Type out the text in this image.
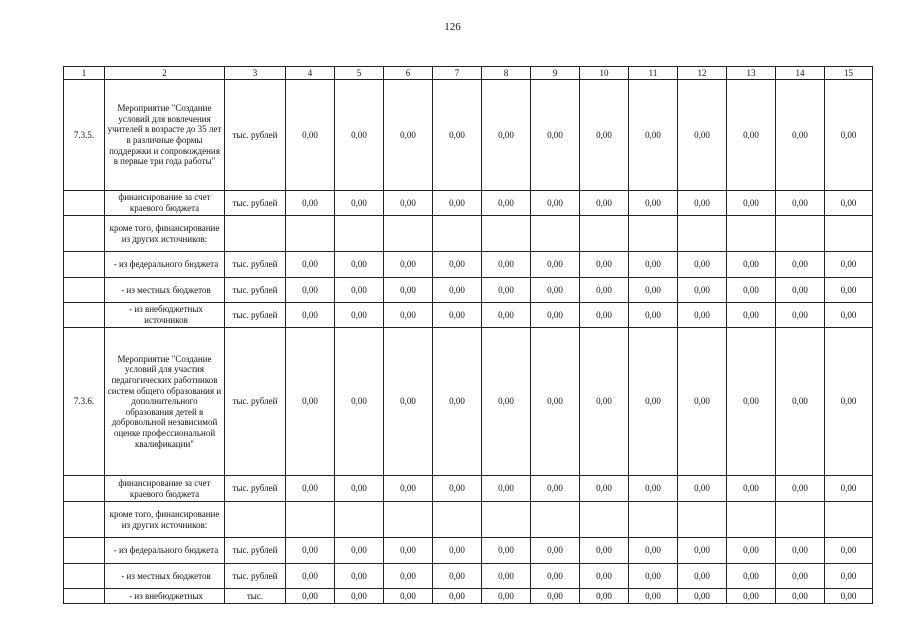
126
1	2	3	4	5	6	7	8	9	10	11	12	13	14	15
7.3.5.	Мероприятие "Создание условий для вовлечения учителей в возрасте до 35 лет в различные формы поддержки и сопровождения в первые три года работы"	тыс. рублей	0,00	0,00	0,00	0,00	0,00	0,00	0,00	0,00	0,00	0,00	0,00	0,00
	финансирование за счет краевого бюджета	тыс. рублей	0,00	0,00	0,00	0,00	0,00	0,00	0,00	0,00	0,00	0,00	0,00	0,00
	кроме того, финансирование из других источников:													
	- из федерального бюджета	тыс. рублей	0,00	0,00	0,00	0,00	0,00	0,00	0,00	0,00	0,00	0,00	0,00	0,00
	- из местных бюджетов	тыс. рублей	0,00	0,00	0,00	0,00	0,00	0,00	0,00	0,00	0,00	0,00	0,00	0,00
	- из внебюджетных источников	тыс. рублей	0,00	0,00	0,00	0,00	0,00	0,00	0,00	0,00	0,00	0,00	0,00	0,00
7.3.6.	Мероприятие "Создание условий для участия педагогических работников систем общего образования и дополнительного образования детей в добровольной независимой оценке профессиональной квалификации"	тыс. рублей	0,00	0,00	0,00	0,00	0,00	0,00	0,00	0,00	0,00	0,00	0,00	0,00
	финансирование за счет краевого бюджета	тыс. рублей	0,00	0,00	0,00	0,00	0,00	0,00	0,00	0,00	0,00	0,00	0,00	0,00
	кроме того, финансирование из других источников:													
	- из федерального бюджета	тыс. рублей	0,00	0,00	0,00	0,00	0,00	0,00	0,00	0,00	0,00	0,00	0,00	0,00
	- из местных бюджетов	тыс. рублей	0,00	0,00	0,00	0,00	0,00	0,00	0,00	0,00	0,00	0,00	0,00	0,00
	- из внебюджетных	тыс.	0,00	0,00	0,00	0,00	0,00	0,00	0,00	0,00	0,00	0,00	0,00	0,00
